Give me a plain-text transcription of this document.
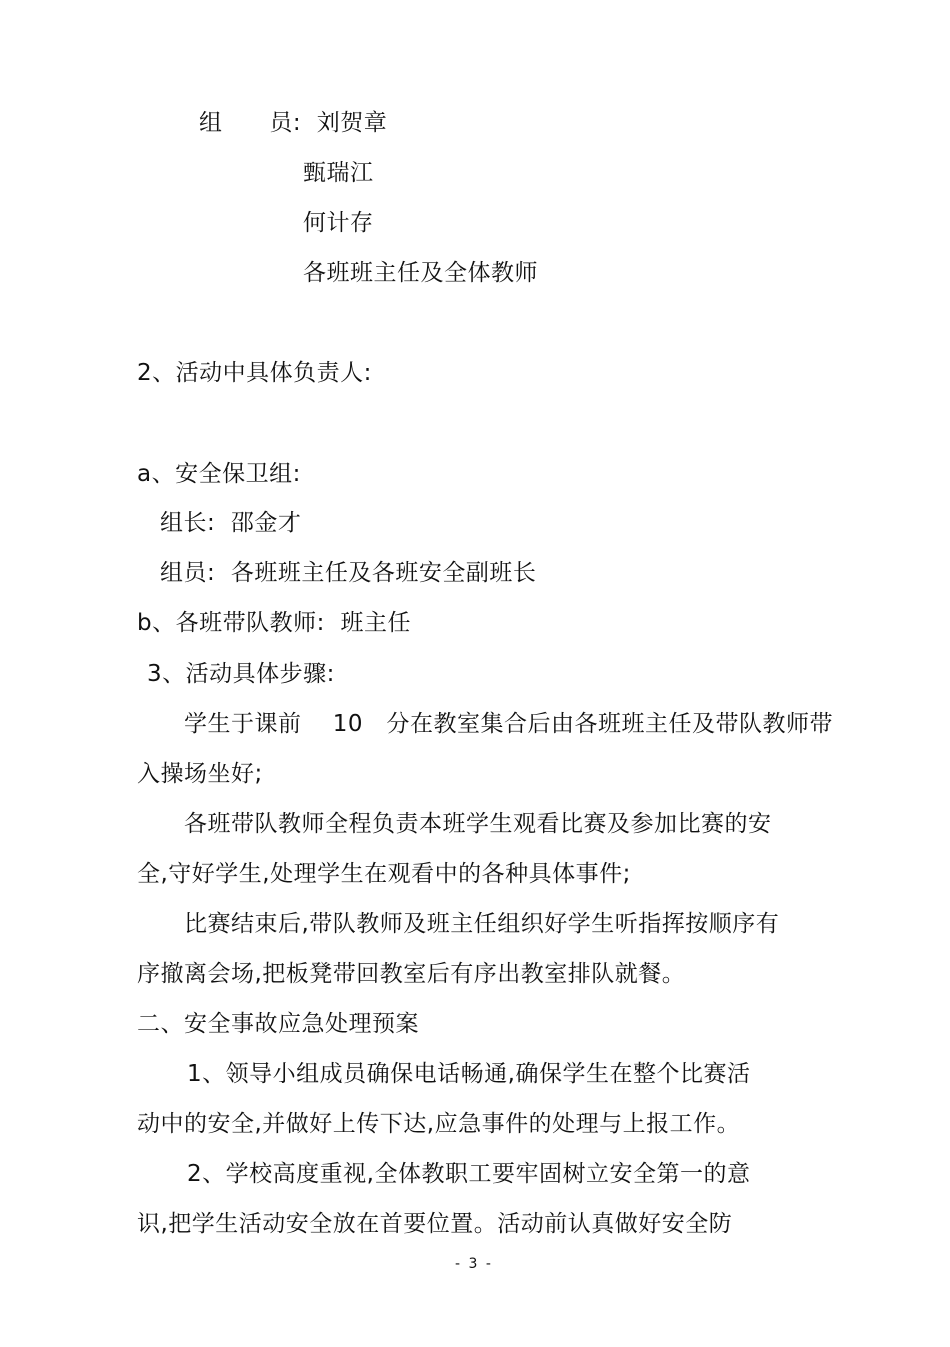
组      员:  刘贺章
甄瑞江
何计存
各班班主任及全体教师
2、活动中具体负责人:
a、安全保卫组:
组长:  邵金才
组员:  各班班主任及各班安全副班长
b、各班带队教师:  班主任
3、活动具体步骤:
学生于课前    10   分在教室集合后由各班班主任及带队教师带
入操场坐好;
各班带队教师全程负责本班学生观看比赛及参加比赛的安
全,守好学生,处理学生在观看中的各种具体事件;
比赛结束后,带队教师及班主任组织好学生听指挥按顺序有
序撤离会场,把板凳带回教室后有序出教室排队就餐。
二、安全事故应急处理预案
1、领导小组成员确保电话畅通,确保学生在整个比赛活
动中的安全,并做好上传下达,应急事件的处理与上报工作。
2、学校高度重视,全体教职工要牢固树立安全第一的意
识,把学生活动安全放在首要位置。活动前认真做好安全防
- 3 -
